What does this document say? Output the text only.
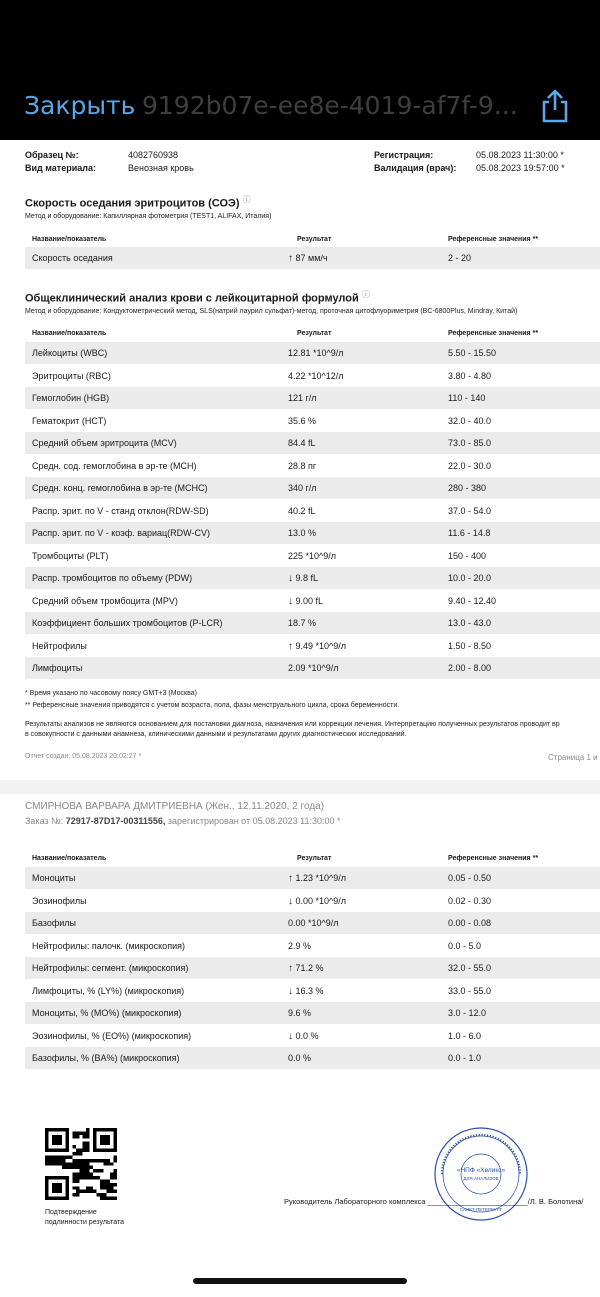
Закрыть 9192b07e-ee8e-4019-af7f-9...
Образец №:	4082760938
Вид материала:	Венозная кровь
Регистрация:	05.08.2023 11:30:00 *
Валидация (врач): 05.08.2023 19:57:00 *
Скорость оседания эритроцитов (СОЭ) ⓘ
Метод и оборудование: Капиллярная фотометрия (TEST1, ALIFAX, Италия)
Название/показатель	Результат	Референсные значения **
Скорость оседания	↑ 87 мм/ч	2 - 20
Общеклинический анализ крови с лейкоцитарной формулой ⓘ
Метод и оборудование: Кондуктометрический метод, SLS(натрий лаурил сульфат)-метод, проточная цитофлуориметрия (BC-6800Plus, Mindray, Китай)
Название/показатель	Результат	Референсные значения **
Лейкоциты (WBC)	12.81 *10^9/л	5.50 - 15.50
Эритроциты (RBC)	4.22 *10^12/л	3.80 - 4.80
Гемоглобин (HGB)	121 г/л	110 - 140
Гематокрит (HCT)	35.6 %	32.0 - 40.0
Средний объем эритроцита (MCV)	84.4 fL	73.0 - 85.0
Средн. сод. гемоглобина в эр-те (MCH)	28.8 пг	22.0 - 30.0
Средн. конц. гемоглобина в эр-те (MCHC)	340 г/л	280 - 380
Распр. эрит. по V - станд отклон(RDW-SD)	40.2 fL	37.0 - 54.0
Распр. эрит. по V - коэф. вариац(RDW-CV)	13.0 %	11.6 - 14.8
Тромбоциты (PLT)	225 *10^9/л	150 - 400
Распр. тромбоцитов по объему (PDW)	↓ 9.8 fL	10.0 - 20.0
Средний объем тромбоцита (MPV)	↓ 9.00 fL	9.40 - 12.40
Коэффициент больших тромбоцитов (P-LCR)	18.7 %	13.0 - 43.0
Нейтрофилы	↑ 9.49 *10^9/л	1.50 - 8.50
Лимфоциты	2.09 *10^9/л	2.00 - 8.00
* Время указано по часовому поясу GMT+3 (Москва)
** Референсные значения приводятся с учетом возраста, пола, фазы менструального цикла, срока беременности.
Результаты анализов не являются основанием для постановки диагноза, назначения или коррекции лечения. Интерпретацию полученных результатов проводит вр
в совокупности с данными анамнеза, клиническими данными и результатами других диагностических исследований.
Отчет создан: 05.08.2023 20:02:27 *	Страница 1 и
СМИРНОВА ВАРВАРА ДМИТРИЕВНА (Жен., 12.11.2020, 2 года)
Заказ №: 72917-87D17-00311556, зарегистрирован от 05.08.2023 11:30:00 *
Название/показатель	Результат	Референсные значения **
Моноциты	↑ 1.23 *10^9/л	0.05 - 0.50
Эозинофилы	↓ 0.00 *10^9/л	0.02 - 0.30
Базофилы	0.00 *10^9/л	0.00 - 0.08
Нейтрофилы: палочк. (микроскопия)	2.9 %	0.0 - 5.0
Нейтрофилы: сегмент. (микроскопия)	↑ 71.2 %	32.0 - 55.0
Лимфоциты, % (LY%) (микроскопия)	↓ 16.3 %	33.0 - 55.0
Моноциты, % (MO%) (микроскопия)	9.6 %	3.0 - 12.0
Эозинофилы, % (EO%) (микроскопия)	↓ 0.0 %	1.0 - 6.0
Базофилы, % (BA%) (микроскопия)	0.0 %	0.0 - 1.0
Подтверждение
подлинности результата
«НПФ «Хеликс»
ДЛЯ АНАЛИЗОВ
САНКТ-ПЕТЕРБУРГ
Руководитель Лабораторного комплекса ________________________/Л. В. Болотина/
